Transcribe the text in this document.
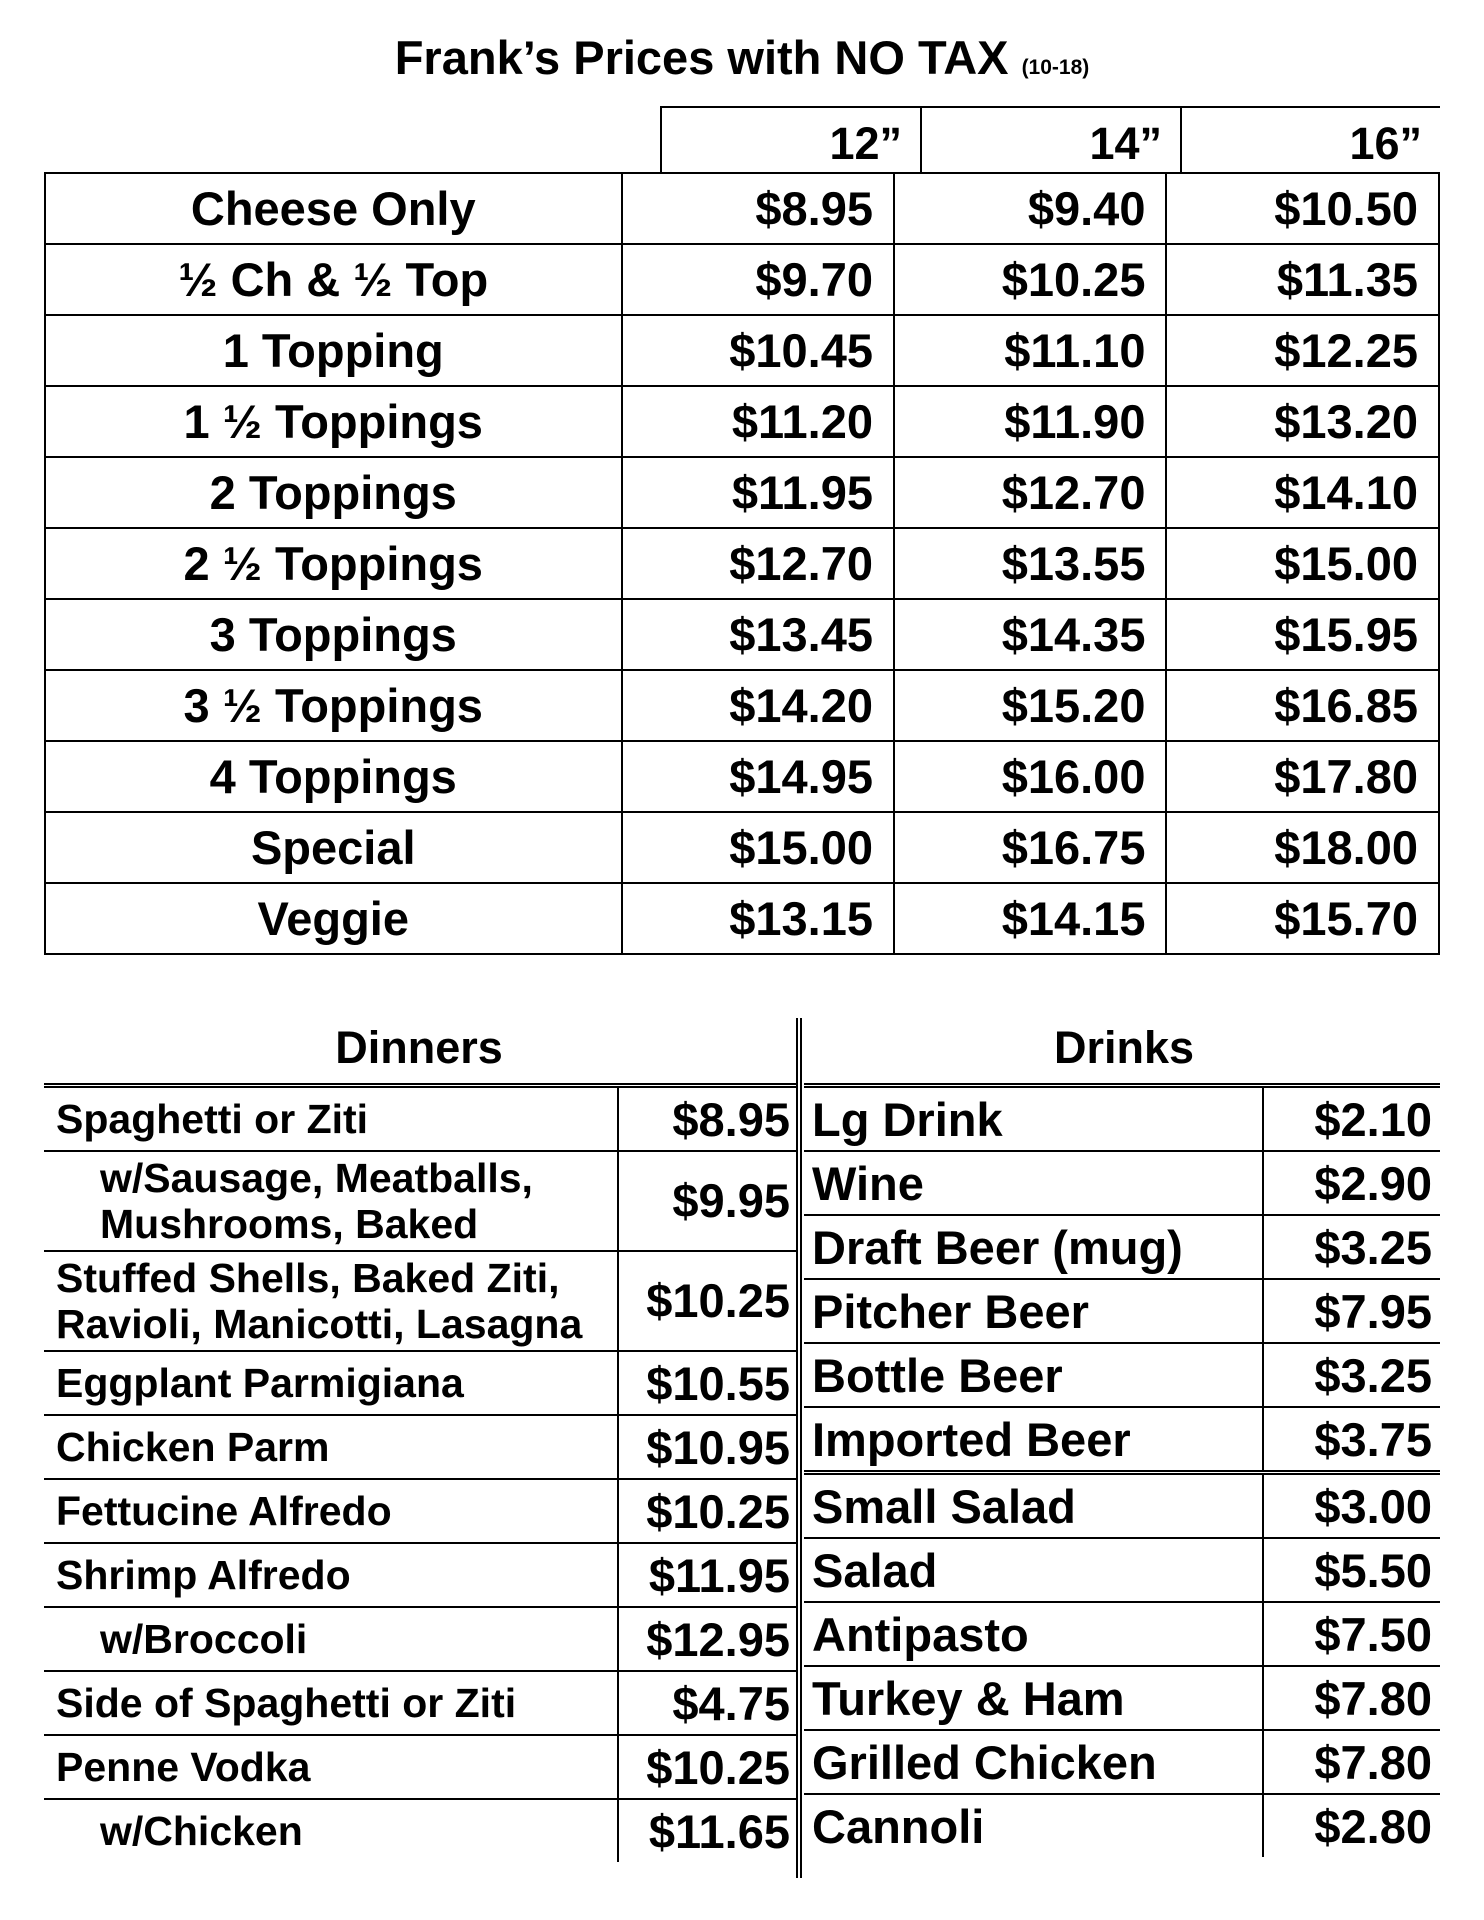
Frank’s Prices with NO TAX (10-18)
12”	14”	16”
Cheese Only	$8.95	$9.40	$10.50
½ Ch & ½ Top	$9.70	$10.25	$11.35
1 Topping	$10.45	$11.10	$12.25
1 ½ Toppings	$11.20	$11.90	$13.20
2 Toppings	$11.95	$12.70	$14.10
2 ½ Toppings	$12.70	$13.55	$15.00
3 Toppings	$13.45	$14.35	$15.95
3 ½ Toppings	$14.20	$15.20	$16.85
4 Toppings	$14.95	$16.00	$17.80
Special	$15.00	$16.75	$18.00
Veggie	$13.15	$14.15	$15.70
Dinners
Spaghetti or Ziti	$8.95

w/Sausage, Meatballs,
Mushrooms, Baked	$9.95

Stuffed Shells, Baked Ziti,
Ravioli, Manicotti, Lasagna	$10.25
Eggplant Parmigiana	$10.55
Chicken Parm	$10.95
Fettucine Alfredo	$10.25
Shrimp Alfredo	$11.95
w/Broccoli	$12.95
Side of Spaghetti or Ziti	$4.75
Penne Vodka	$10.25
w/Chicken	$11.65
Drinks
Lg Drink	$2.10
Wine	$2.90
Draft Beer (mug)	$3.25
Pitcher Beer	$7.95
Bottle Beer	$3.25
Imported Beer	$3.75
Small Salad	$3.00
Salad	$5.50
Antipasto	$7.50
Turkey & Ham	$7.80
Grilled Chicken	$7.80
Cannoli	$2.80
